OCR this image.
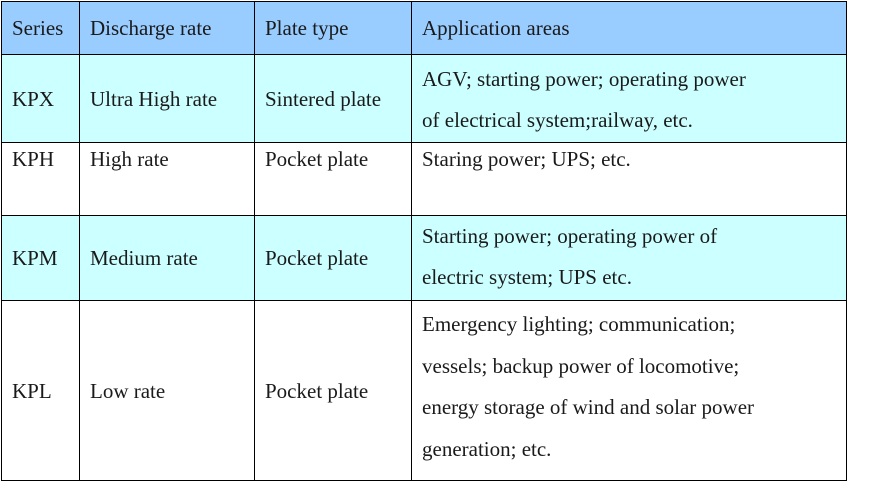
Series	Discharge rate	Plate type	Application areas
KPX	Ultra High rate	Sintered plate	AGV; starting power; operating power
of electrical system;railway, etc.

KPH	High rate	Pocket plate	Staring power; UPS; etc.

KPM	Medium rate	Pocket plate	Starting power; operating power of
electric system; UPS etc.

KPL	Low rate	Pocket plate	Emergency lighting; communication;
vessels; backup power of locomotive;
energy storage of wind and solar power
generation; etc.
